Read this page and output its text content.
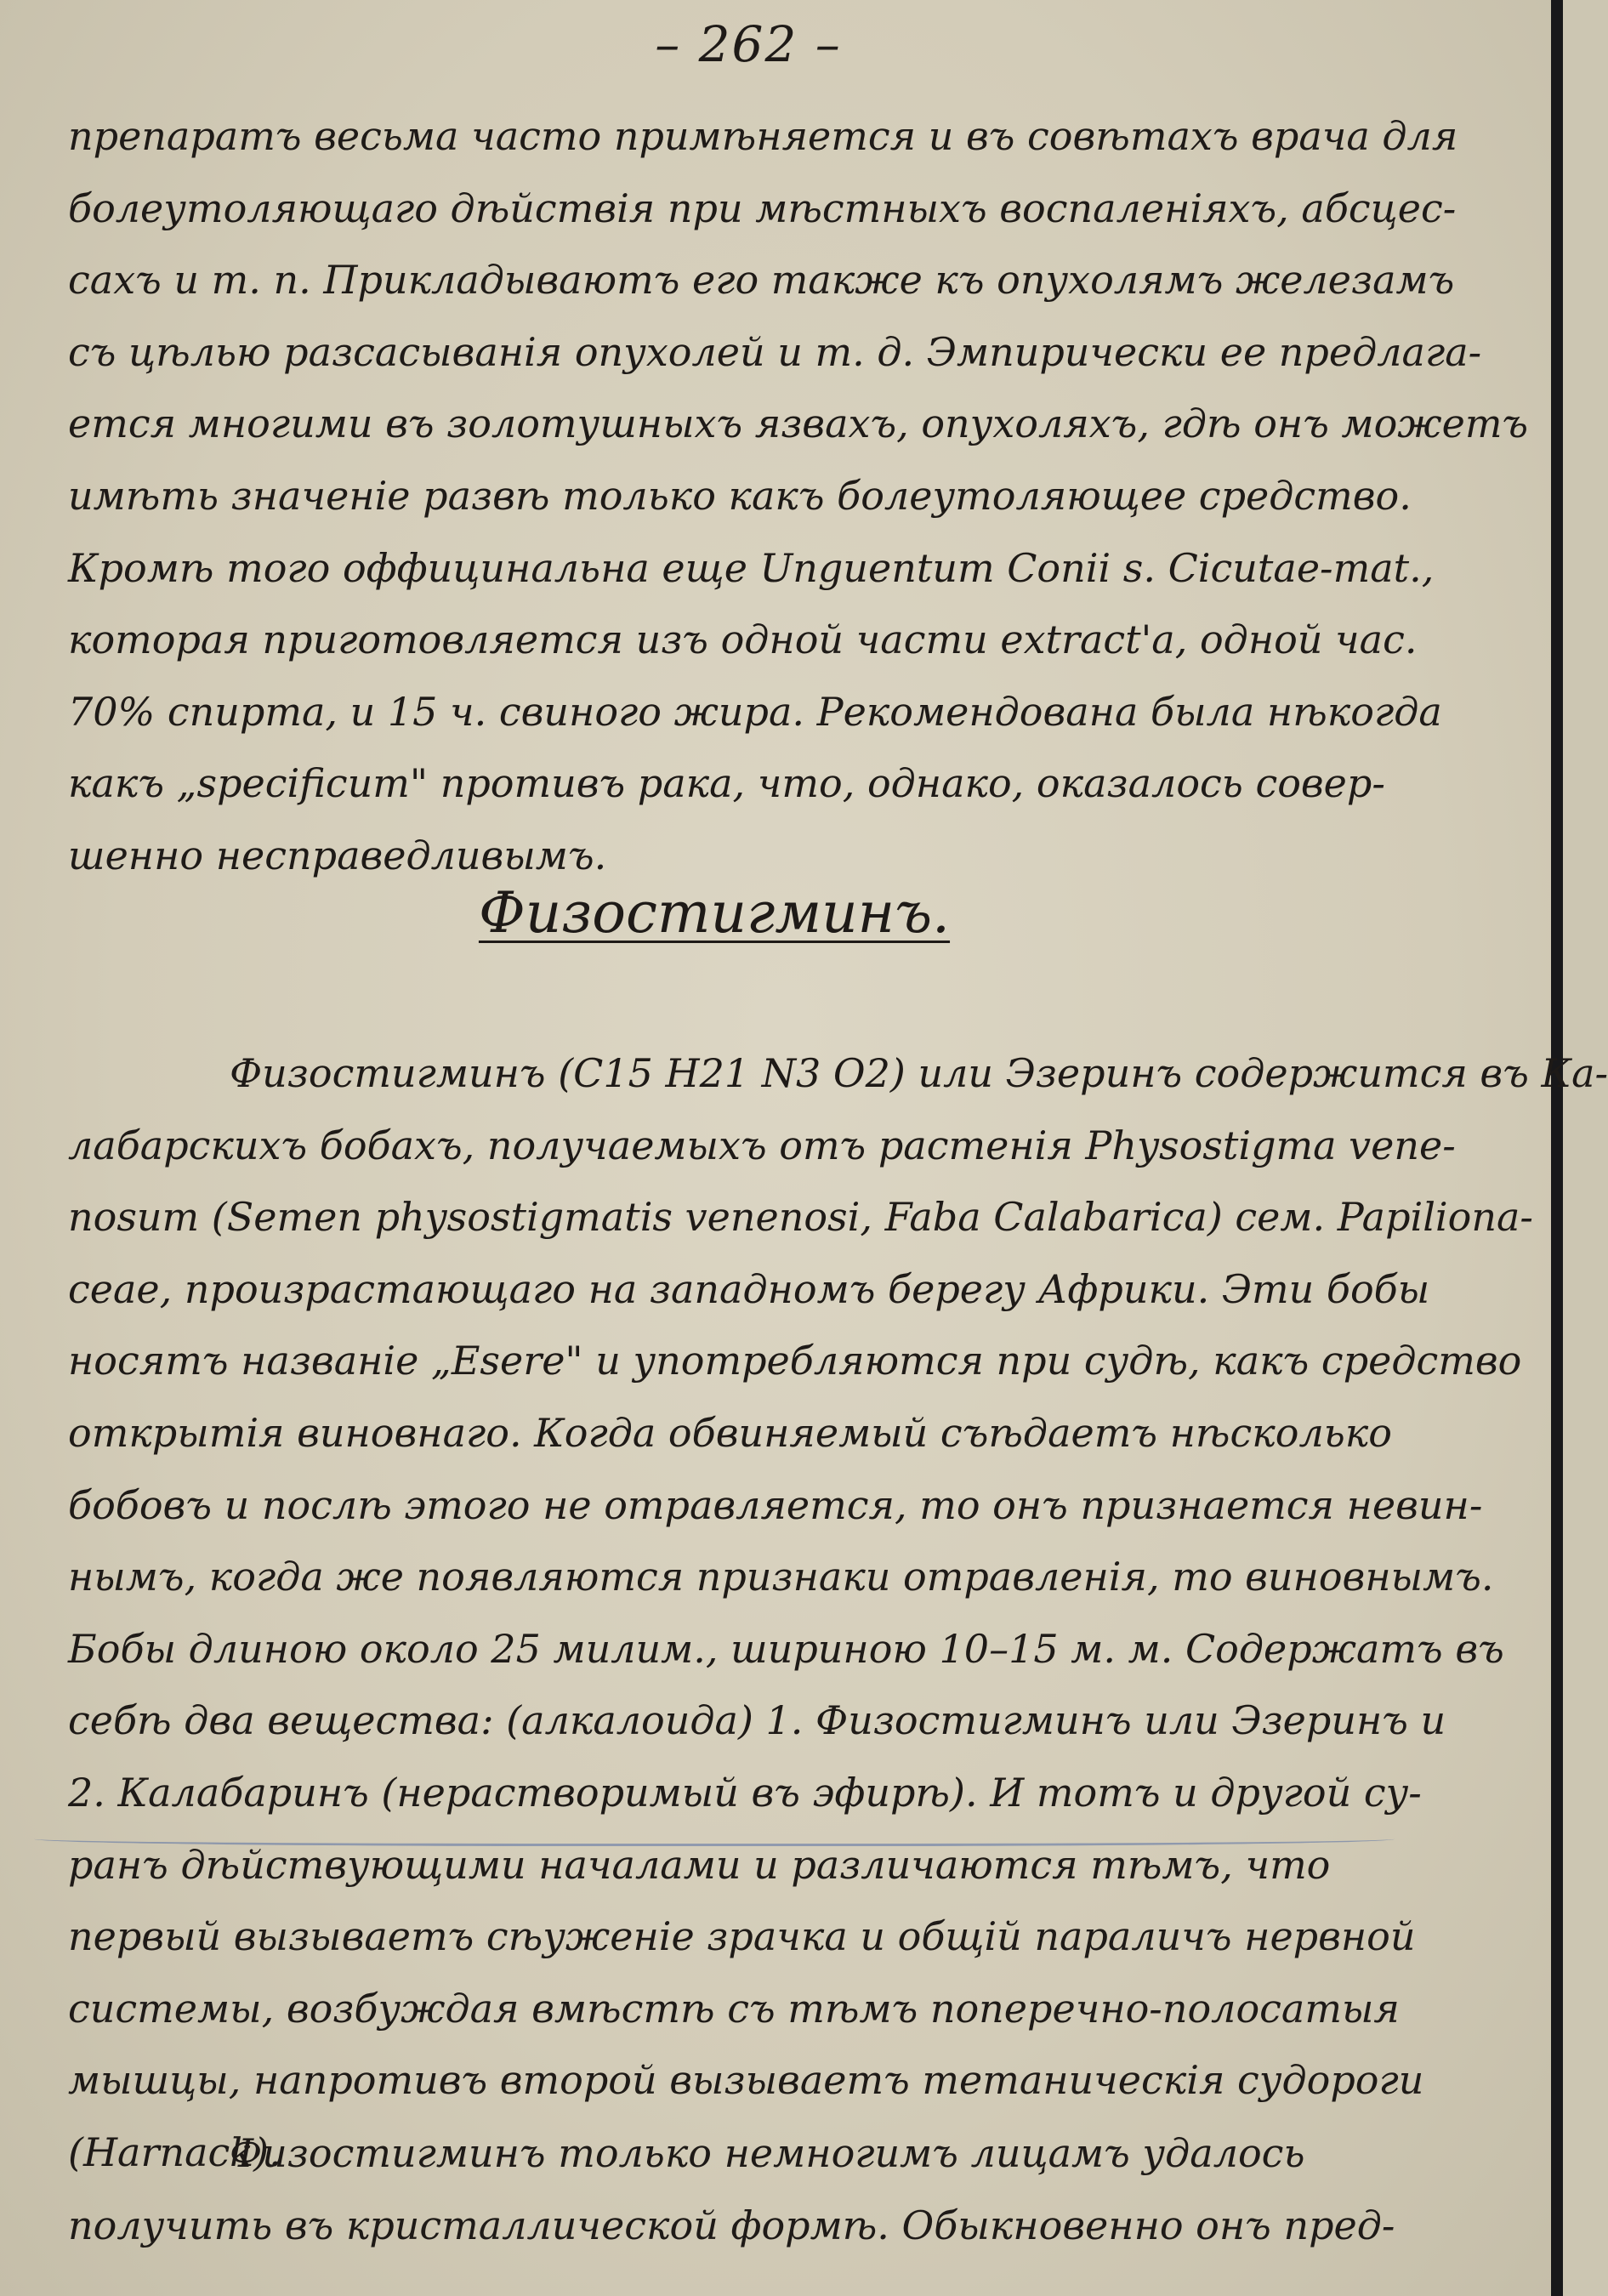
– 262 –
препаратъ весьма часто примѣняется и въ совѣтахъ врача для
болеутоляющаго дѣйствія при мѣстныхъ воспаленіяхъ, абсцес-
сахъ и т. п. Прикладываютъ его также къ опухолямъ железамъ
съ цѣлью разсасыванія опухолей и т. д. Эмпирически ее предлага-
ется многими въ золотушныхъ язвахъ, опухоляхъ, гдѣ онъ можетъ
имѣть значеніе развѣ только какъ болеутоляющее средство.
Кромѣ того оффицинальна еще Unguentum Conii s. Cicutae-mat.,
которая приготовляется изъ одной части extract'а, одной час.
70% спирта, и 15 ч. свиного жира. Рекомендована была нѣкогда
какъ „specificum" противъ рака, что, однако, оказалось совер-
шенно несправедливымъ.
Физостигминъ.
Физостигминъ (C15 H21 N3 O2) или Эзеринъ содержится въ Ка-
лабарскихъ бобахъ, получаемыхъ отъ растенія Physostigma vene-
nosum (Semen physostigmatis venenosi, Faba Calabarica) сем. Papiliona-
ceae, произрастающаго на западномъ берегу Африки. Эти бобы
носятъ названіе „Esere" и употребляются при судѣ, какъ средство
открытія виновнаго. Когда обвиняемый съѣдаетъ нѣсколько
бобовъ и послѣ этого не отравляется, то онъ признается невин-
нымъ, когда же появляются признаки отравленія, то виновнымъ.
Бобы длиною около 25 милим., шириною 10–15 м. м. Содержатъ въ
себѣ два вещества: (алкалоида) 1. Физостигминъ или Эзеринъ и
2. Калабаринъ (нерастворимый въ эфирѣ). И тотъ и другой су-
ранъ дѣйствующими началами и различаются тѣмъ, что
первый вызываетъ сѣуженіе зрачка и общій параличъ нервной
системы, возбуждая вмѣстѣ съ тѣмъ поперечно-полосатыя
мышцы, напротивъ второй вызываетъ тетаническія судороги
(Harnack).
Физостигминъ только немногимъ лицамъ удалось
получить въ кристаллической формѣ. Обыкновенно онъ пред-
